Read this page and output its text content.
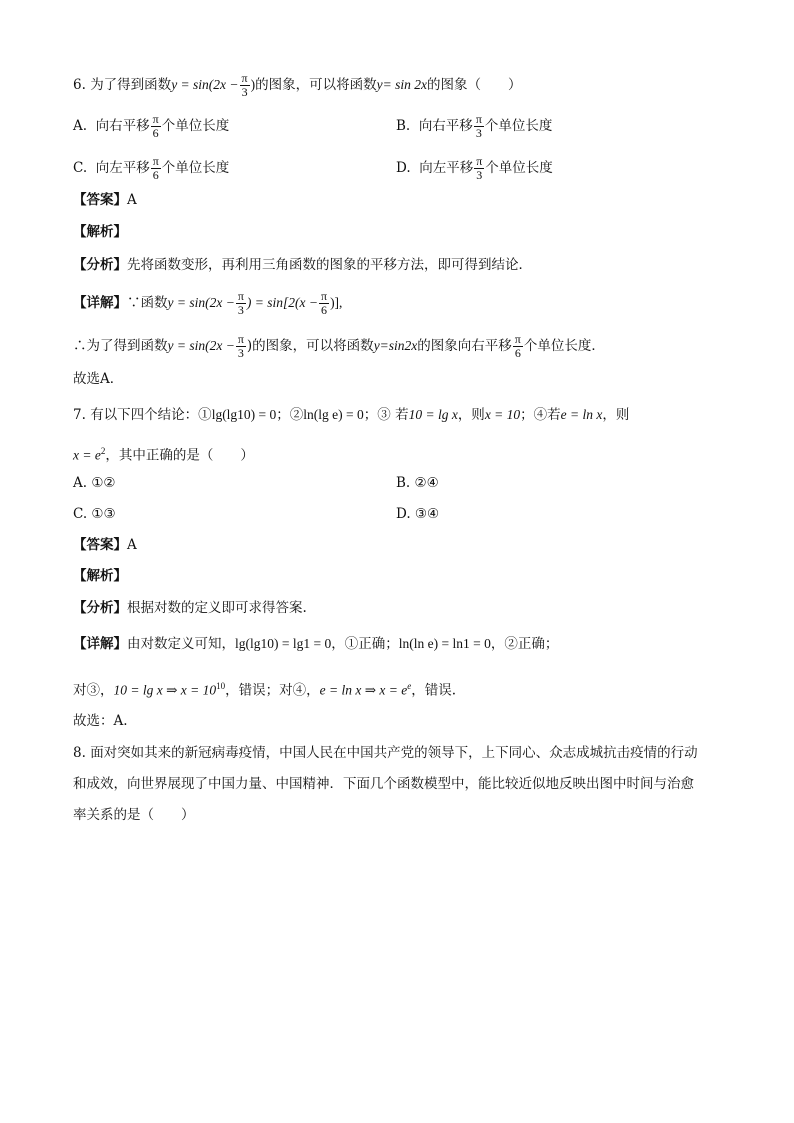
6. 为了得到函数$y = \sin(2x - \frac{\pi}{3}$ )的图象，可以将函数y= sin 2x的图象（　　）
A. 向右平移 $\frac{\pi}{6}$ 个单位长度	B. 向右平移 $\frac{\pi}{3}$ 个单位长度
C. 向左平移 $\frac{\pi}{6}$ 个单位长度	D. 向左平移 $\frac{\pi}{3}$ 个单位长度
【答案】A
【解析】
【分析】先将函数变形，再利用三角函数的图象的平移方法，即可得到结论．
【详解】∵函数$y = \sin(2x - \frac{\pi}{3}$ ) = $\sin[2(x - \frac{\pi}{6}$ )],
∴为了得到函数$y = \sin(2x - \frac{\pi}{3}$ )的图象，可以将函数y=sin2x的图象向右平移 $\frac{\pi}{6}$ 个单位长度．
故选A．
7. 有以下四个结论：①lg(lg10) = 0；②ln(lg e) = 0；③ 若10 = lg x，则x = 10；④若e = ln x，则
$x = e^2$，其中正确的是（　　）
A. ①②	B. ②④
C. ①③	D. ③④
【答案】A
【解析】
【分析】根据对数的定义即可求得答案.
【详解】由对数定义可知，lg(lg10) = lg1 = 0，①正确；ln(ln e) = ln1 = 0，②正确；
对③，10 = lg x ⇒ $x = 10^{10}$，错误；对④，e = ln x ⇒ $x = e^e$，错误.
故选：A.
8. 面对突如其来的新冠病毒疫情，中国人民在中国共产党的领导下，上下同心、众志成城抗击疫情的行动
和成效，向世界展现了中国力量、中国精神．下面几个函数模型中，能比较近似地反映出图中时间与治愈
率关系的是（　　）
